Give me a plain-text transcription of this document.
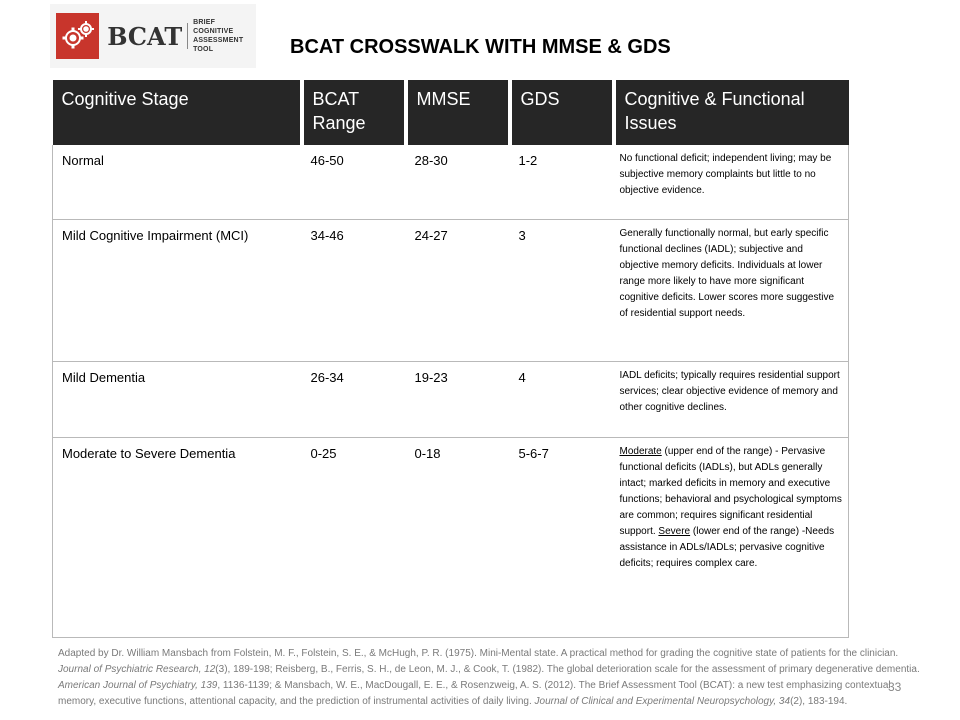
BCAT BRIEF COGNITIVE
ASSESSMENT TOOL	BCAT CROSSWALK WITH MMSE & GDS
Cognitive Stage	BCAT Range	MMSE	GDS	Cognitive & Functional Issues
Normal	46-50	28-30	1-2	No functional deficit; independent living; may be subjective memory complaints but little to no objective evidence.
Mild Cognitive Impairment (MCI)	34-46	24-27	3	Generally functionally normal, but early specific functional declines (IADL); subjective and objective memory deficits. Individuals at lower range more likely to have more significant cognitive deficits. Lower scores more suggestive of residential support needs.
Mild Dementia	26-34	19-23	4	IADL deficits; typically requires residential support services; clear objective evidence of memory and other cognitive declines.
Moderate to Severe Dementia	0-25	0-18	5-6-7	Moderate (upper end of the range) - Pervasive functional deficits (IADLs), but ADLs generally intact; marked deficits in memory and executive functions; behavioral and psychological symptoms are common; requires significant residential support. Severe (lower end of the range) -Needs assistance in ADLs/IADLs; pervasive cognitive deficits; requires complex care.
Adapted by Dr. William Mansbach from Folstein, M. F., Folstein, S. E., & McHugh, P. R. (1975). Mini-Mental state. A practical method for grading the cognitive state of patients for the clinician. Journal of Psychiatric Research, 12(3), 189-198; Reisberg, B., Ferris, S. H., de Leon, M. J., & Cook, T. (1982). The global deterioration scale for the assessment of primary degenerative dementia. American Journal of Psychiatry, 139, 1136-1139; & Mansbach, W. E., MacDougall, E. E., & Rosenzweig, A. S. (2012). The Brief Assessment Tool (BCAT): a new test emphasizing contextual memory, executive functions, attentional capacity, and the prediction of instrumental activities of daily living. Journal of Clinical and Experimental Neuropsychology, 34(2), 183-194.
33
